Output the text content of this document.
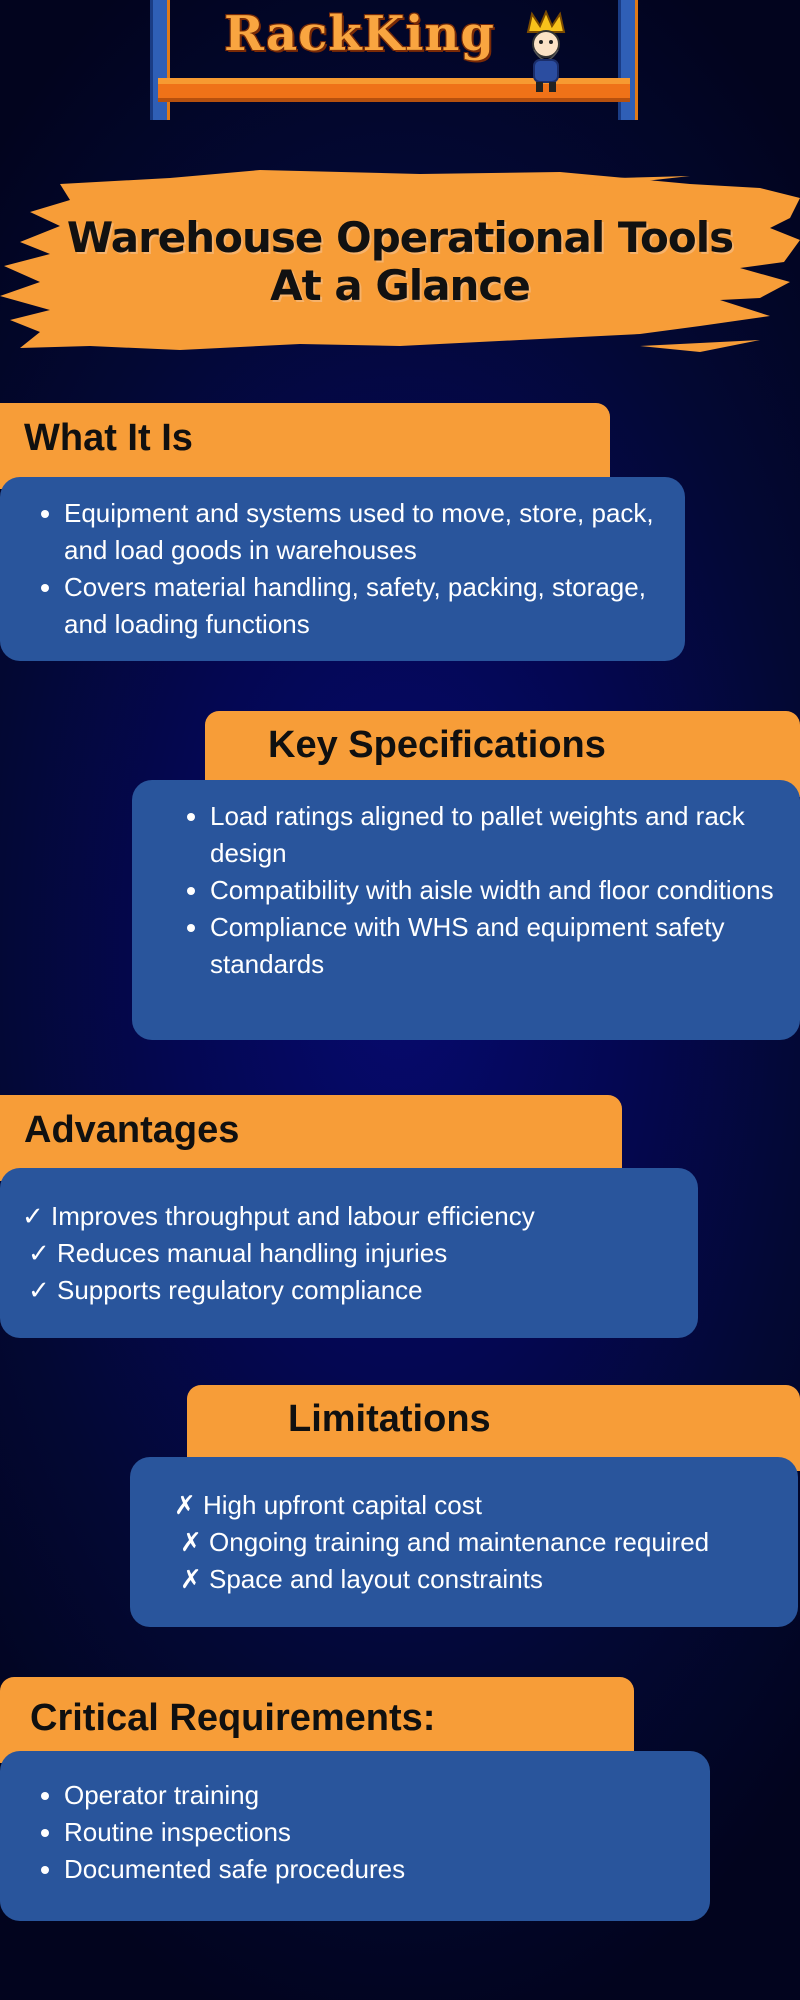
RackKing
Warehouse Operational Tools
At a Glance
What It Is
• Equipment and systems used to move, store, pack, and load goods in warehouses
• Covers material handling, safety, packing, storage, and loading functions
Key Specifications
• Load ratings aligned to pallet weights and rack design
• Compatibility with aisle width and floor conditions
• Compliance with WHS and equipment safety standards
Advantages
✓ Improves throughput and labour efficiency
✓ Reduces manual handling injuries
✓ Supports regulatory compliance
Limitations
✗ High upfront capital cost
✗ Ongoing training and maintenance required
✗ Space and layout constraints
Critical Requirements:
• Operator training
• Routine inspections
• Documented safe procedures
